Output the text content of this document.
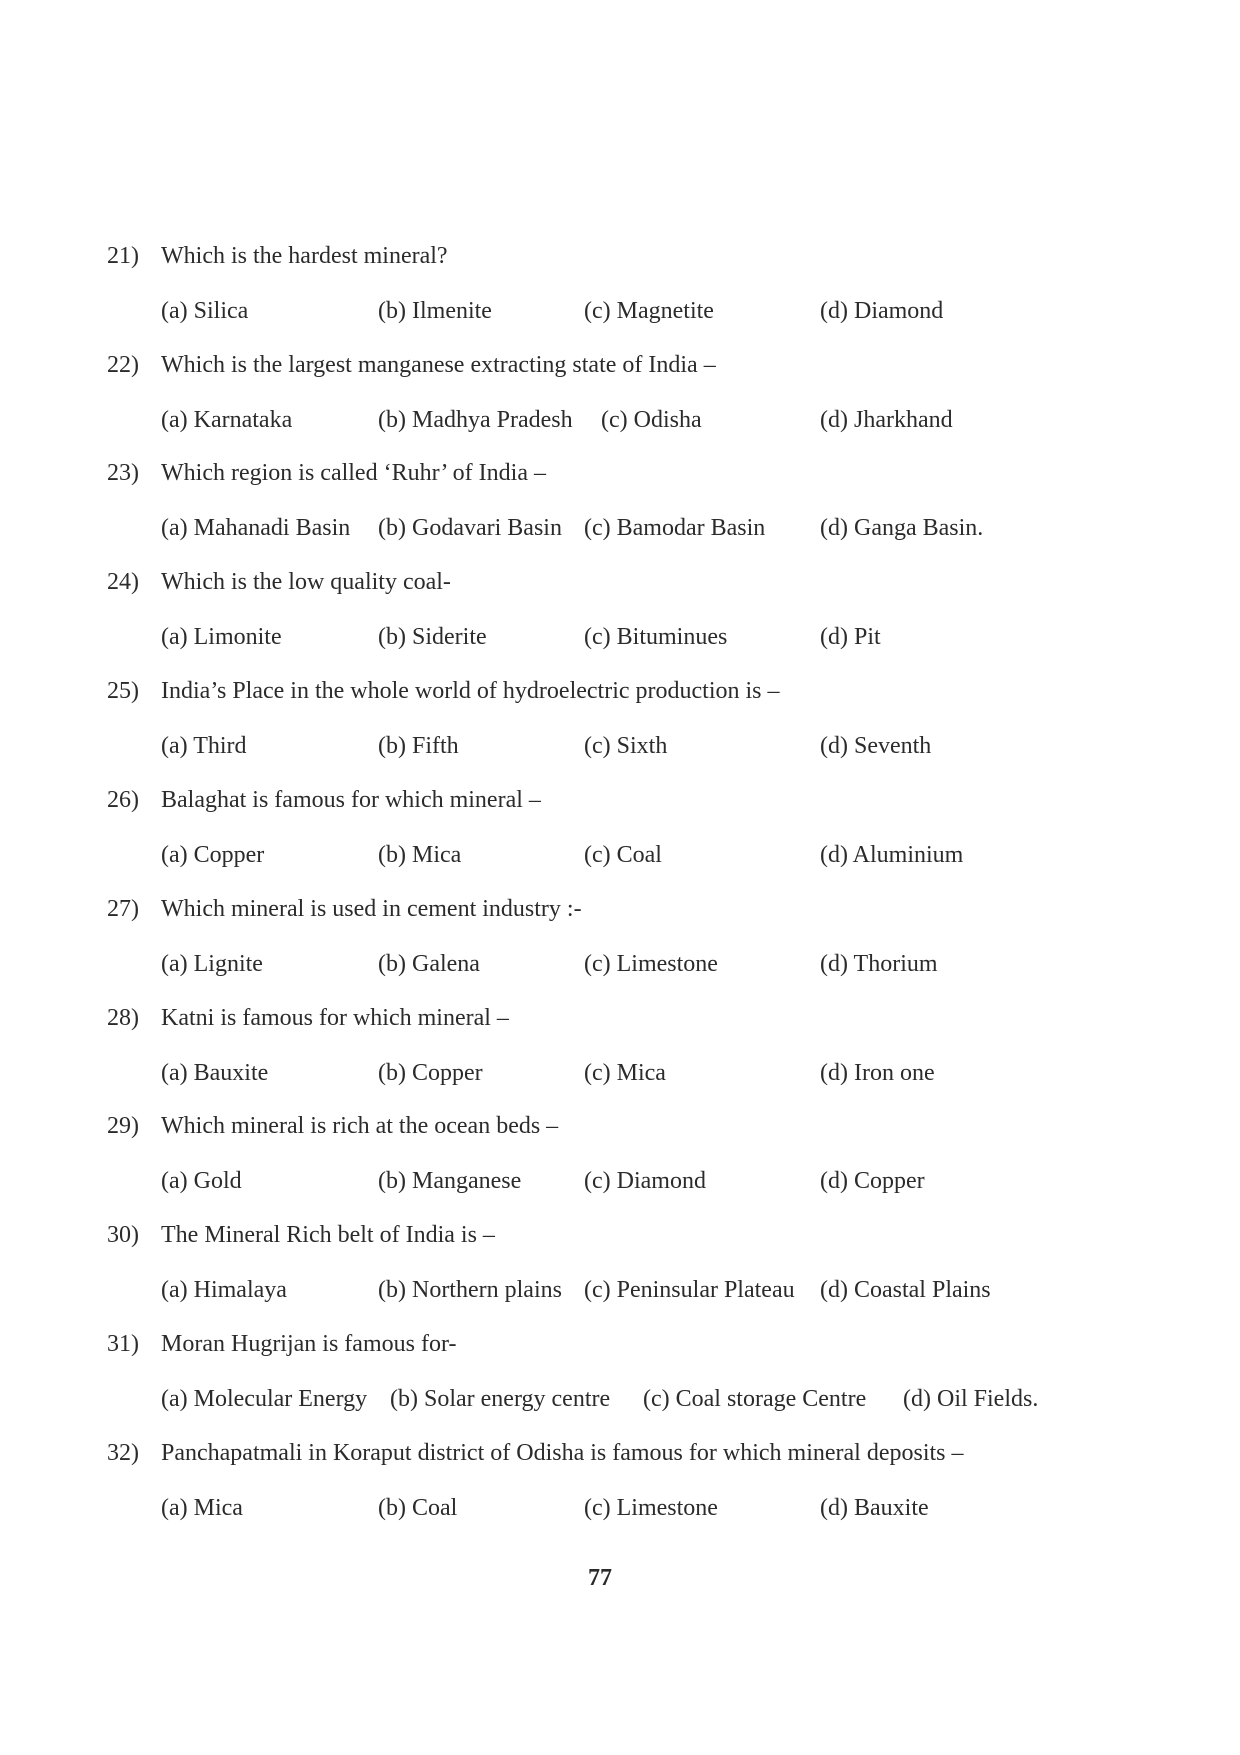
21) Which is the hardest mineral?
(a) Silica	(b) Ilmenite	(c) Magnetite	(d) Diamond
22) Which is the largest manganese extracting state of India –
(a) Karnataka	(b) Madhya Pradesh (c) Odisha	(d) Jharkhand
23) Which region is called ‘Ruhr’ of India –
(a) Mahanadi Basin (b) Godavari Basin (c) Bamodar Basin (d) Ganga Basin.
24) Which is the low quality coal-
(a) Limonite	(b) Siderite	(c) Bituminues	(d) Pit
25) India’s Place in the whole world of hydroelectric production is –
(a) Third	(b) Fifth	(c) Sixth	(d) Seventh
26) Balaghat is famous for which mineral –
(a) Copper	(b) Mica	(c) Coal	(d) Aluminium
27) Which mineral is used in cement industry :-
(a) Lignite	(b) Galena	(c) Limestone	(d) Thorium
28) Katni is famous for which mineral –
(a) Bauxite	(b) Copper	(c) Mica	(d) Iron one
29) Which mineral is rich at the ocean beds –
(a) Gold	(b) Manganese	(c) Diamond	(d) Copper
30) The Mineral Rich belt of India is –
(a) Himalaya	(b) Northern plains (c) Peninsular Plateau (d) Coastal Plains
31) Moran Hugrijan is famous for-
(a) Molecular Energy (b) Solar energy centre (c) Coal storage Centre (d) Oil Fields.
32) Panchapatmali in Koraput district of Odisha is famous for which mineral deposits –
(a) Mica	(b) Coal	(c) Limestone	(d) Bauxite
77
